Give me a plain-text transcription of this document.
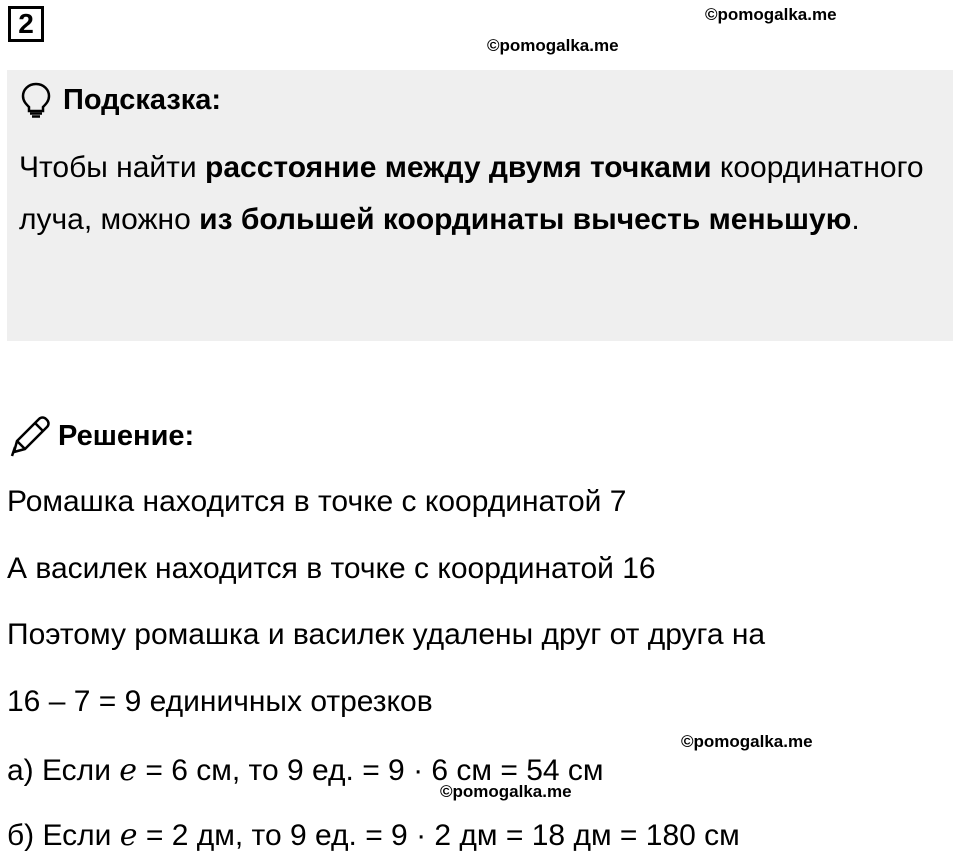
2	©pomogalka.me
©pomogalka.me
Подсказка:
Чтобы найти расстояние между двумя точками координатного луча, можно из большей координаты вычесть меньшую.
Решение:
Ромашка находится в точке с координатой 7
А василек находится в точке с координатой 16
Поэтому ромашка и василек удалены друг от друга на
16 – 7 = 9 единичных отрезков
а) Если е = 6 см, то 9 ед. = 9 · 6 см = 54 см
б) Если е = 2 дм, то 9 ед. = 9 · 2 дм = 18 дм = 180 см
©pomogalka.me
©pomogalka.me
